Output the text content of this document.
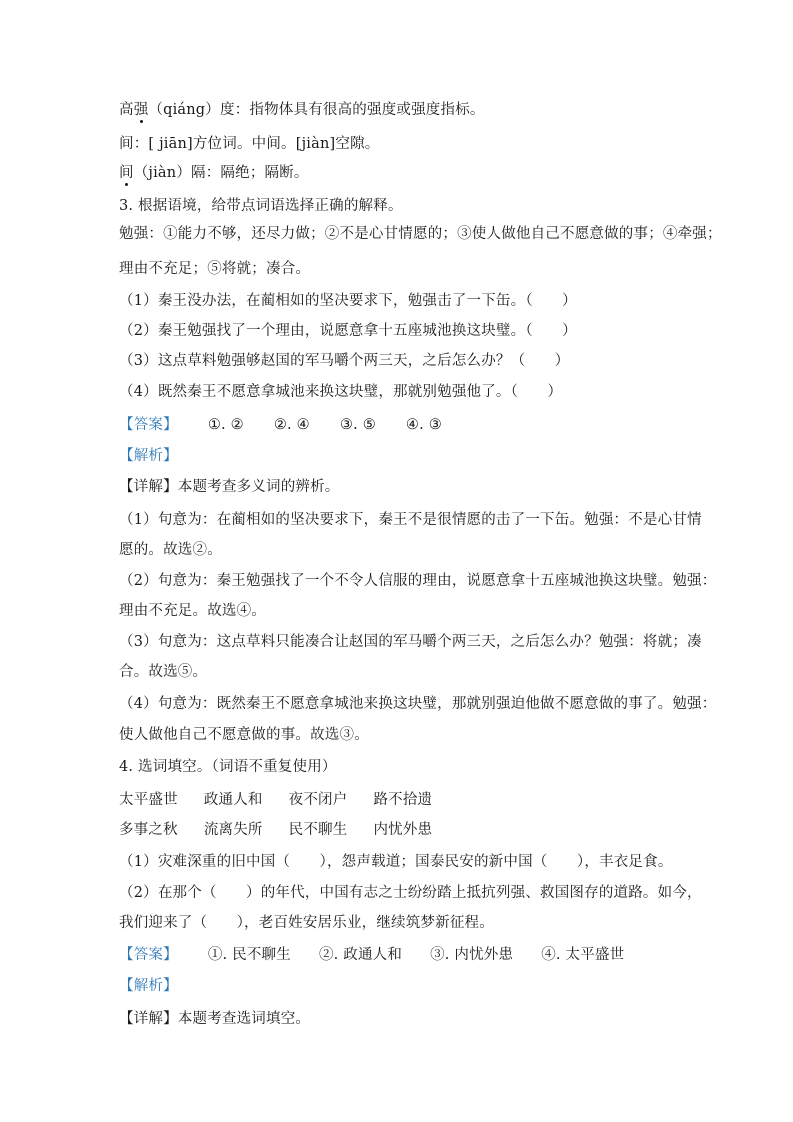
高强（qiáng）度：指物体具有很高的强度或强度指标。
间：[ jiān]方位词。中间。[jiàn]空隙。
间（jiàn）隔：隔绝；隔断。
3. 根据语境，给带点词语选择正确的解释。
勉强：①能力不够，还尽力做；②不是心甘情愿的；③使人做他自己不愿意做的事；④牵强；
理由不充足；⑤将就；凑合。
（1）秦王没办法，在蔺相如的坚决要求下，勉强击了一下缶。（　　）
（2）秦王勉强找了一个理由，说愿意拿十五座城池换这块璧。（　　）
（3）这点草料勉强够赵国的军马嚼个两三天，之后怎么办？（　　）
（4）既然秦王不愿意拿城池来换这块璧，那就别勉强他了。（　　）
【答案】 ①. ② ②. ④ ③. ⑤ ④. ③
【解析】
【详解】本题考查多义词的辨析。
（1）句意为：在蔺相如的坚决要求下，秦王不是很情愿的击了一下缶。勉强：不是心甘情
愿的。故选②。
（2）句意为：秦王勉强找了一个不令人信服的理由，说愿意拿十五座城池换这块璧。勉强：
理由不充足。故选④。
（3）句意为：这点草料只能凑合让赵国的军马嚼个两三天，之后怎么办？勉强：将就；凑
合。故选⑤。
（4）句意为：既然秦王不愿意拿城池来换这块璧，那就别强迫他做不愿意做的事了。勉强：
使人做他自己不愿意做的事。故选③。
4. 选词填空。（词语不重复使用）
太平盛世 政通人和 夜不闭户 路不拾遗
多事之秋 流离失所 民不聊生 内忧外患
（1）灾难深重的旧中国（　　），怨声载道；国泰民安的新中国（　　），丰衣足食。
（2）在那个（　　）的年代，中国有志之士纷纷踏上抵抗列强、救国图存的道路。如今，
我们迎来了（　　），老百姓安居乐业，继续筑梦新征程。
【答案】 ①. 民不聊生 ②. 政通人和 ③. 内忧外患 ④. 太平盛世
【解析】
【详解】本题考查选词填空。
